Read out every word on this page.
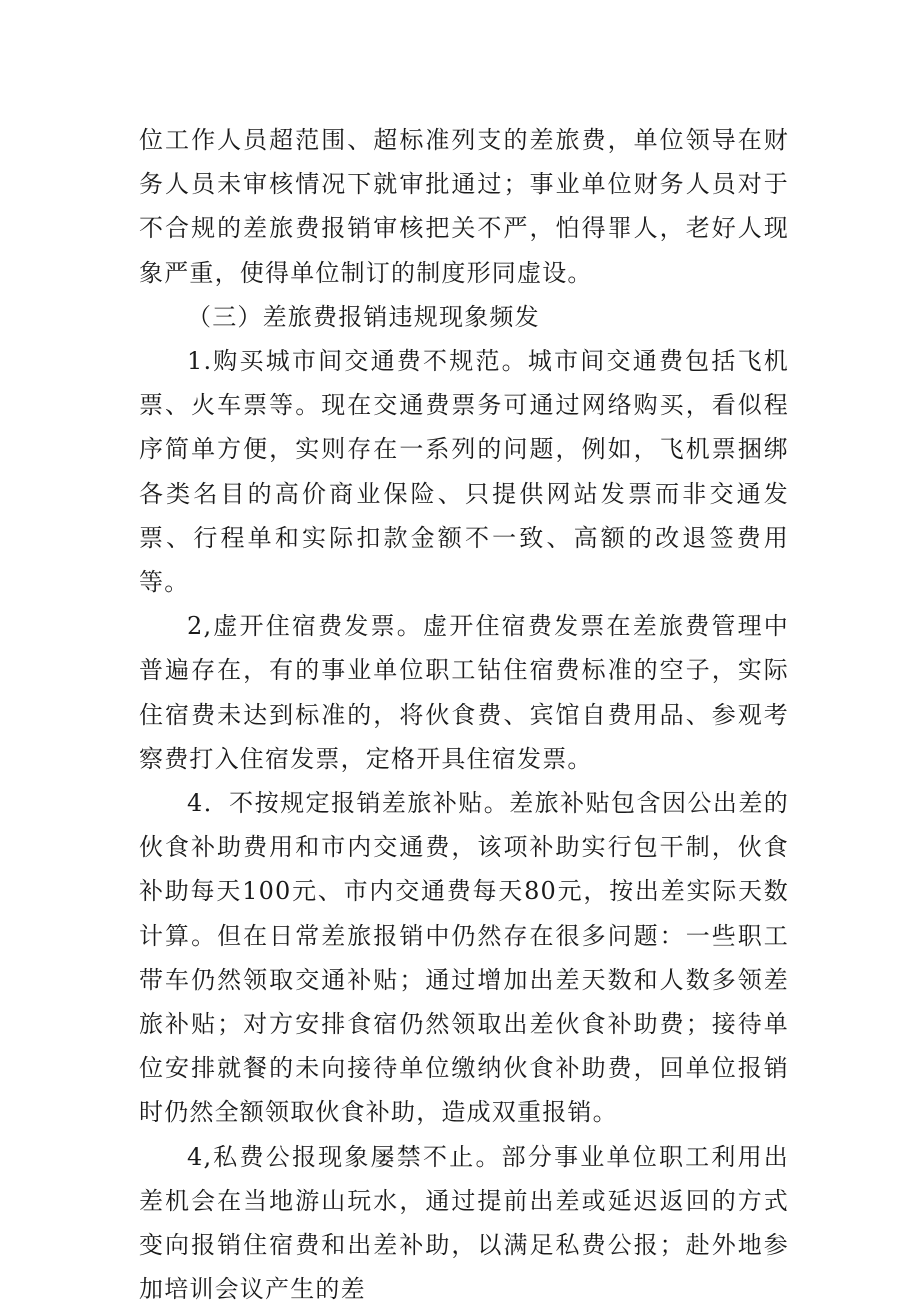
位工作人员超范围、超标准列支的差旅费，单位领导在财务人员未审核情况下就审批通过；事业单位财务人员对于不合规的差旅费报销审核把关不严，怕得罪人，老好人现象严重，使得单位制订的制度形同虚设。

（三）差旅费报销违规现象频发

1.购买城市间交通费不规范。城市间交通费包括飞机票、火车票等。现在交通费票务可通过网络购买，看似程序简单方便，实则存在一系列的问题，例如，飞机票捆绑各类名目的高价商业保险、只提供网站发票而非交通发票、行程单和实际扣款金额不一致、高额的改退签费用等。

2,虚开住宿费发票。虚开住宿费发票在差旅费管理中普遍存在，有的事业单位职工钻住宿费标准的空子，实际住宿费未达到标准的，将伙食费、宾馆自费用品、参观考察费打入住宿发票，定格开具住宿发票。

4．不按规定报销差旅补贴。差旅补贴包含因公出差的伙食补助费用和市内交通费，该项补助实行包干制，伙食补助每天100元、市内交通费每天80元，按出差实际天数计算。但在日常差旅报销中仍然存在很多问题：一些职工带车仍然领取交通补贴；通过增加出差天数和人数多领差旅补贴；对方安排食宿仍然领取出差伙食补助费；接待单位安排就餐的未向接待单位缴纳伙食补助费，回单位报销时仍然全额领取伙食补助，造成双重报销。

4,私费公报现象屡禁不止。部分事业单位职工利用出差机会在当地游山玩水，通过提前出差或延迟返回的方式变向报销住宿费和出差补助，以满足私费公报；赴外地参加培训会议产生的差
